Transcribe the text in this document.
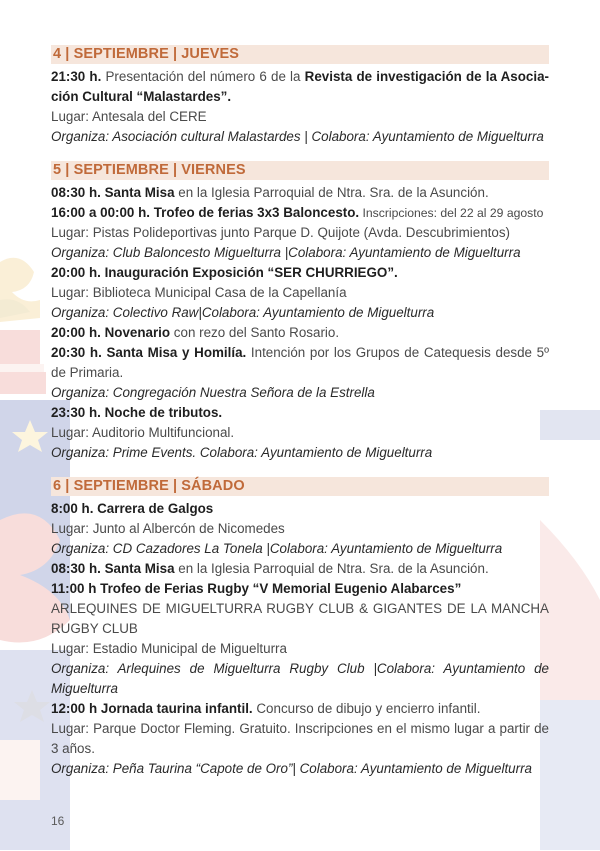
4 | SEPTIEMBRE | JUEVES
21:30 h. Presentación del número 6 de la Revista de investigación de la Asocia-ción Cultural “Malastardes”.
Lugar: Antesala del CERE
Organiza: Asociación cultural Malastardes | Colabora: Ayuntamiento de Miguelturra
5 | SEPTIEMBRE | VIERNES
08:30 h. Santa Misa en la Iglesia Parroquial de Ntra. Sra. de la Asunción.
16:00 a 00:00 h. Trofeo de ferias 3x3 Baloncesto. Inscripciones: del 22 al 29 agosto
Lugar: Pistas Polideportivas junto Parque D. Quijote (Avda. Descubrimientos)
Organiza: Club Baloncesto Miguelturra |Colabora: Ayuntamiento de Miguelturra
20:00 h. Inauguración Exposición “SER CHURRIEGO”.
Lugar: Biblioteca Municipal Casa de la Capellanía
Organiza: Colectivo Raw|Colabora: Ayuntamiento de Miguelturra
20:00 h. Novenario con rezo del Santo Rosario.
20:30 h. Santa Misa y Homilía. Intención por los Grupos de Catequesis desde 5º de Primaria.
Organiza: Congregación Nuestra Señora de la Estrella
23:30 h. Noche de tributos.
Lugar: Auditorio Multifuncional.
Organiza: Prime Events. Colabora: Ayuntamiento de Miguelturra
6 | SEPTIEMBRE | SÁBADO
8:00 h. Carrera de Galgos
Lugar: Junto al Albercón de Nicomedes
Organiza: CD Cazadores La Tonela |Colabora: Ayuntamiento de Miguelturra
08:30 h. Santa Misa en la Iglesia Parroquial de Ntra. Sra. de la Asunción.
11:00 h Trofeo de Ferias Rugby “V Memorial Eugenio Alabarces”
ARLEQUINES DE MIGUELTURRA RUGBY CLUB & GIGANTES DE LA MANCHA RUGBY CLUB
Lugar: Estadio Municipal de Miguelturra
Organiza: Arlequines de Miguelturra Rugby Club |Colabora: Ayuntamiento de Miguelturra
12:00 h Jornada taurina infantil. Concurso de dibujo y encierro infantil.
Lugar: Parque Doctor Fleming. Gratuito. Inscripciones en el mismo lugar a partir de 3 años.
Organiza: Peña Taurina “Capote de Oro”| Colabora: Ayuntamiento de Miguelturra
16
